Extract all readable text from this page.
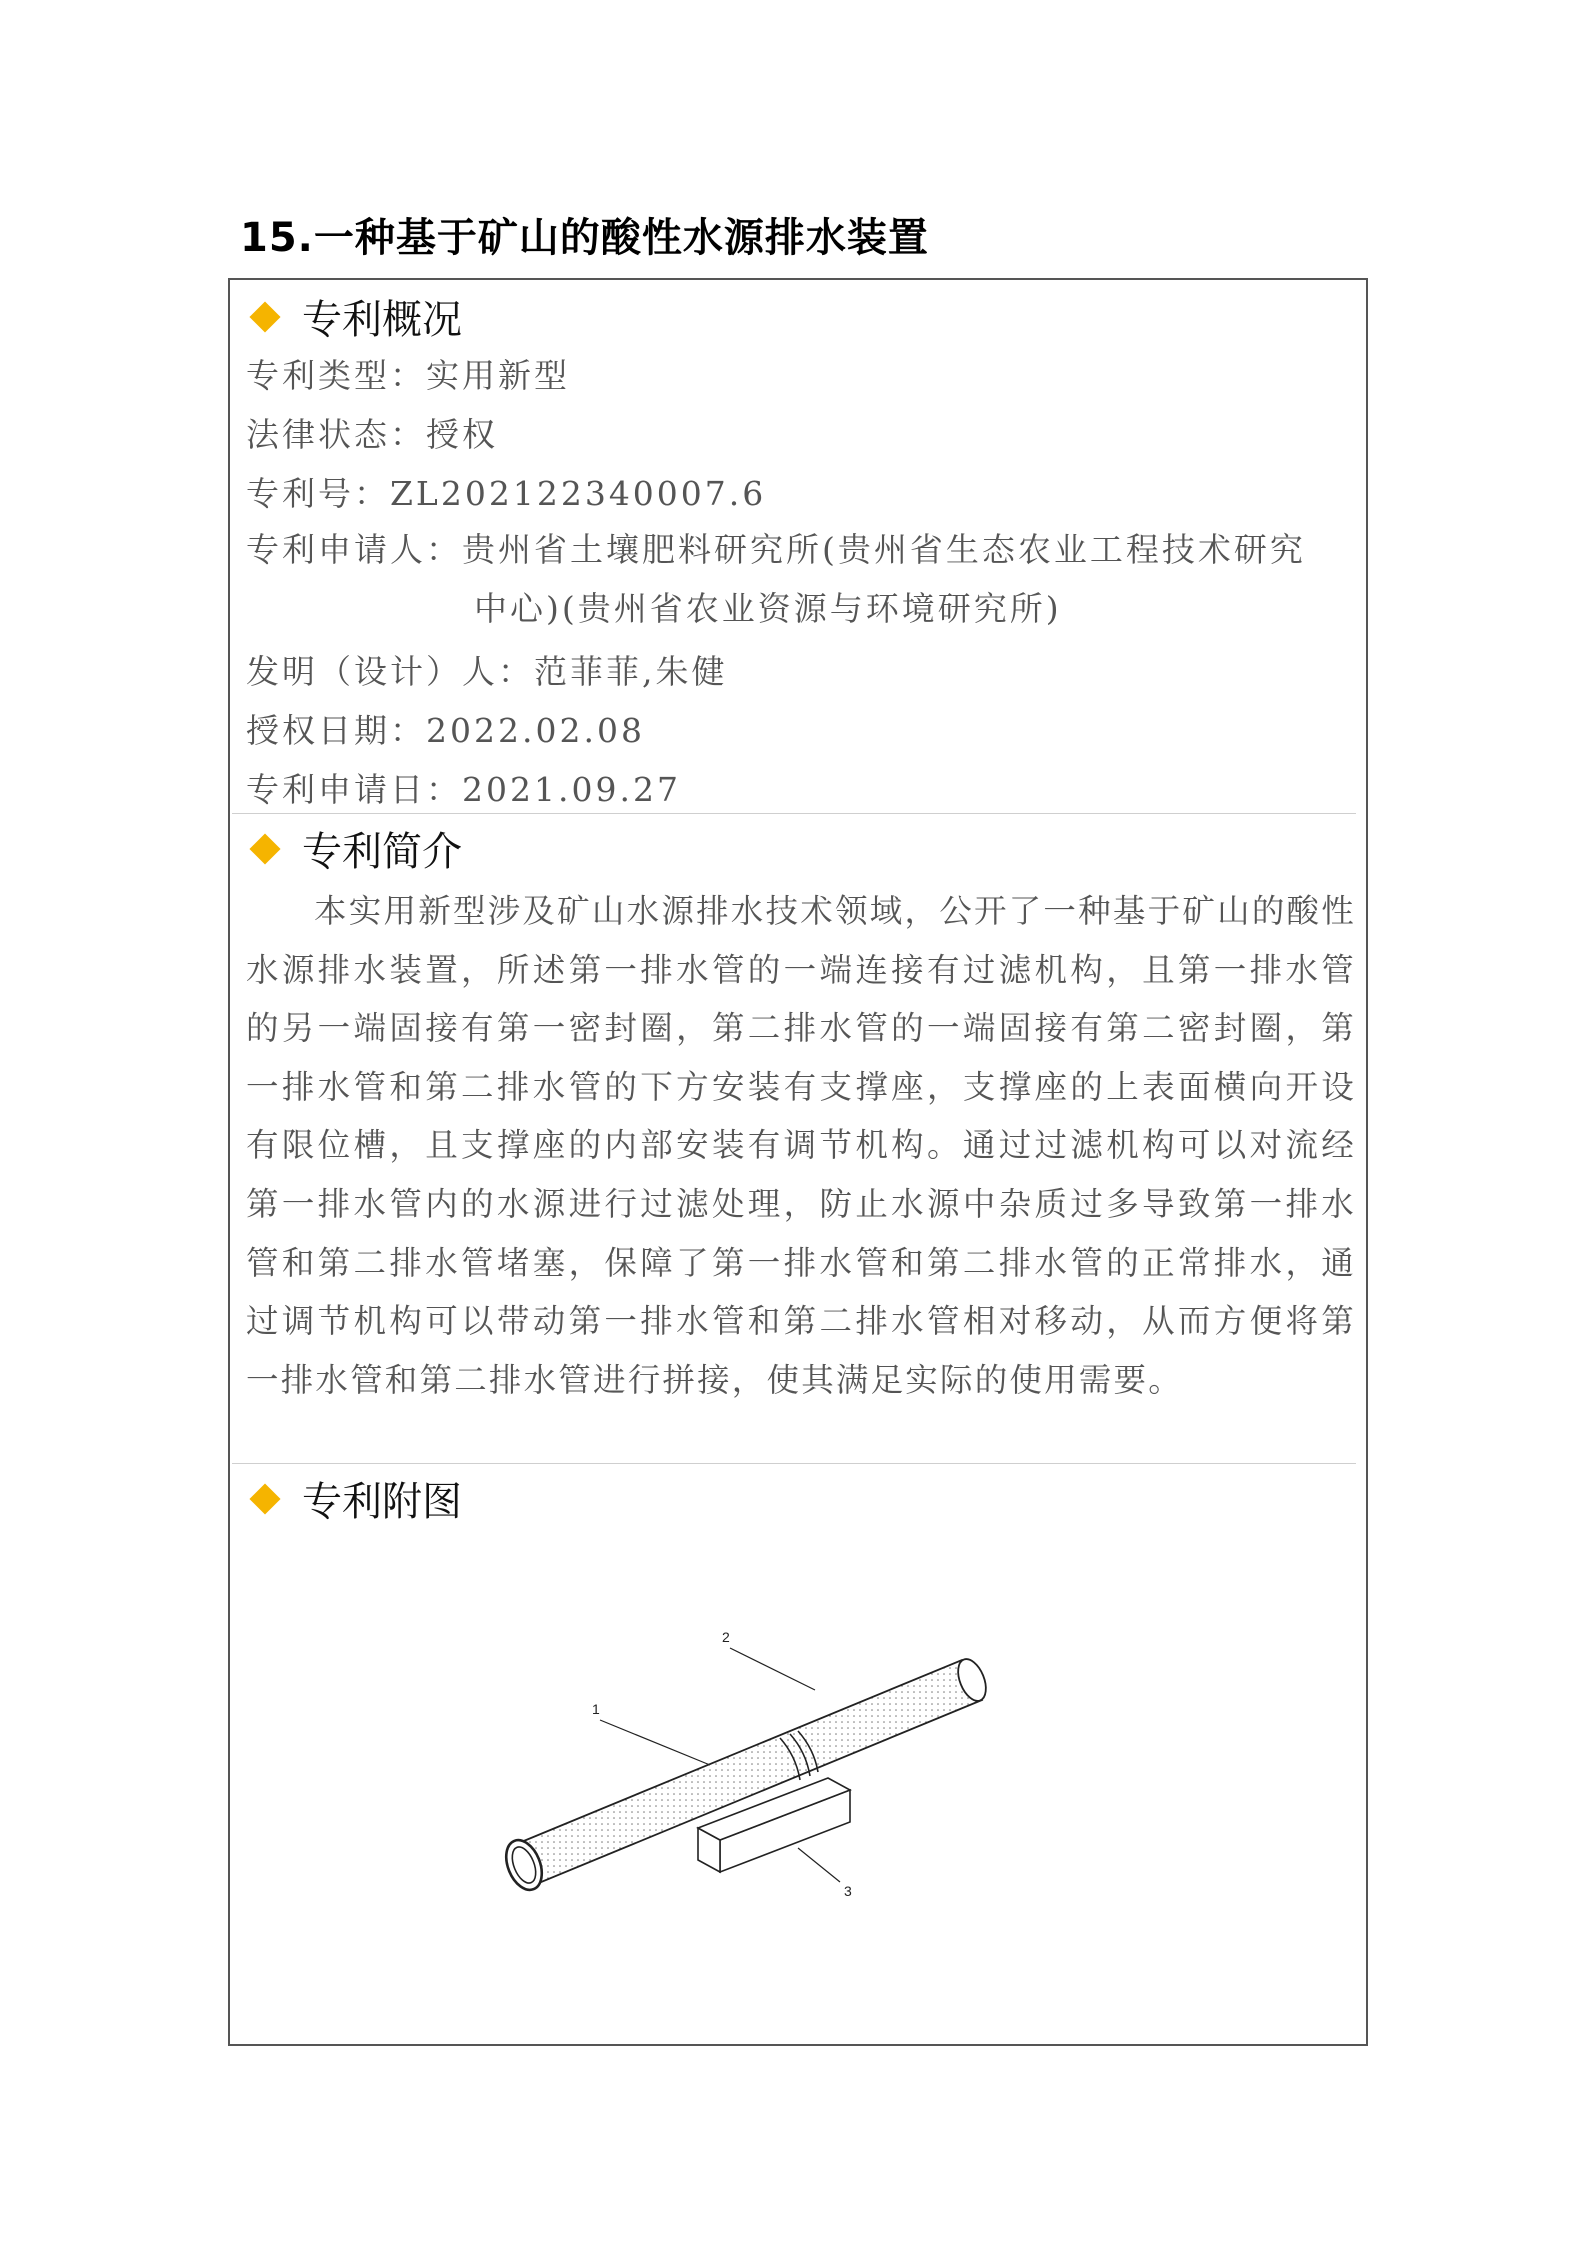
15.一种基于矿山的酸性水源排水装置
专利概况
专利类型：实用新型
法律状态：授权
专利号：ZL202122340007.6
专利申请人：贵州省土壤肥料研究所(贵州省生态农业工程技术研究
中心)(贵州省农业资源与环境研究所)
发明（设计）人：范菲菲,朱健
授权日期：2022.02.08
专利申请日：2021.09.27
专利简介
本实用新型涉及矿山水源排水技术领域，公开了一种基于矿山的酸性水源排水装置，所述第一排水管的一端连接有过滤机构，且第一排水管的另一端固接有第一密封圈，第二排水管的一端固接有第二密封圈，第一排水管和第二排水管的下方安装有支撑座，支撑座的上表面横向开设有限位槽，且支撑座的内部安装有调节机构。通过过滤机构可以对流经第一排水管内的水源进行过滤处理，防止水源中杂质过多导致第一排水管和第二排水管堵塞，保障了第一排水管和第二排水管的正常排水，通过调节机构可以带动第一排水管和第二排水管相对移动，从而方便将第一排水管和第二排水管进行拼接，使其满足实际的使用需要。
专利附图
1
2
3
